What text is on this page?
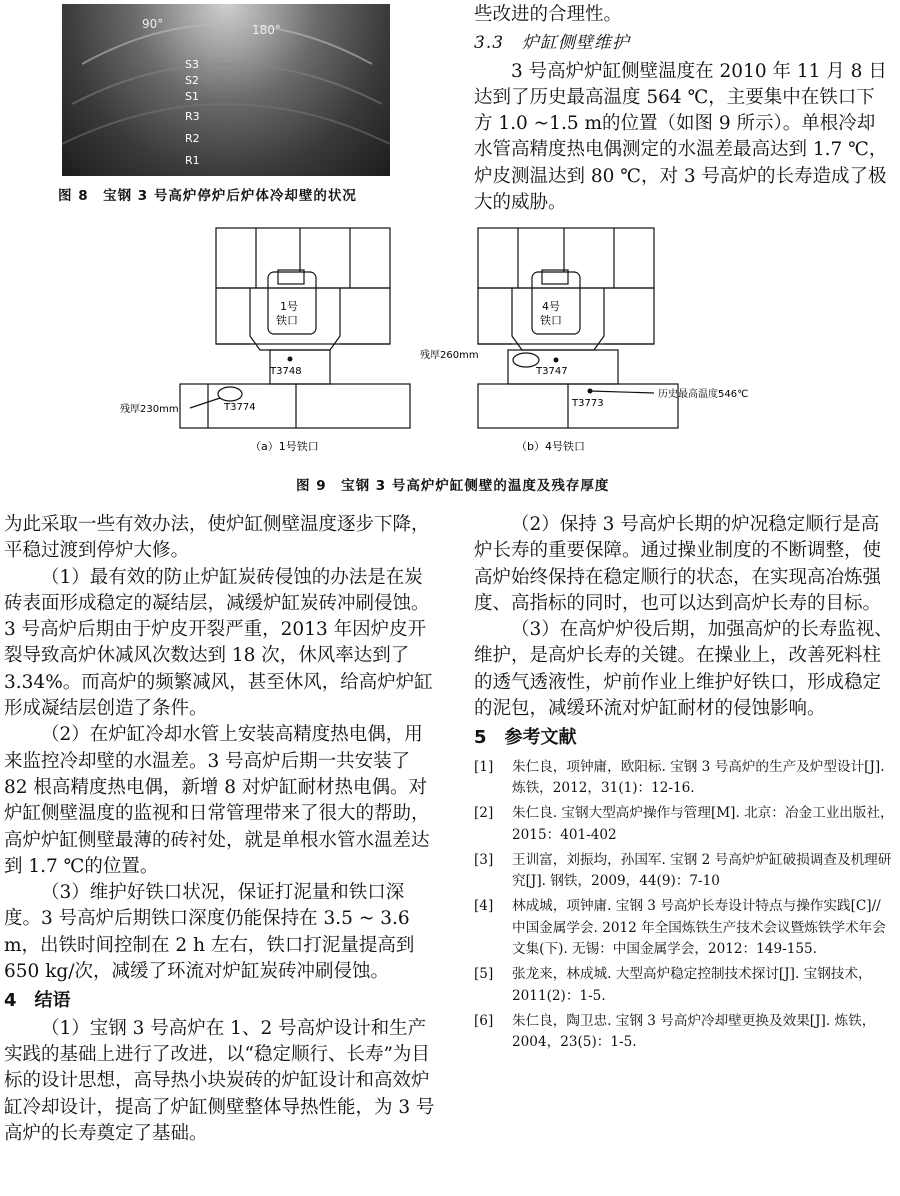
90°	180°
S3
S2
S1
R3
R2
R1
图 8　宝钢 3 号高炉停炉后炉体冷却壁的状况

些改进的合理性。

3.3　炉缸侧壁维护

3 号高炉炉缸侧壁温度在 2010 年 11 月 8 日达到了历史最高温度 564 ℃，主要集中在铁口下方 1.0 ~1.5 m的位置（如图 9 所示）。单根冷却水管高精度热电偶测定的水温差最高达到 1.7 ℃，炉皮测温达到 80 ℃，对 3 号高炉的长寿造成了极大的威胁。

1号
铁口
T3748
T3774
残厚230mm
（a）1号铁口
4号
铁口
T3747
T3773
残厚260mm
历史最高温度546℃
（b）4号铁口
图 9　宝钢 3 号高炉炉缸侧壁的温度及残存厚度

为此采取一些有效办法，使炉缸侧壁温度逐步下降，平稳过渡到停炉大修。

（1）最有效的防止炉缸炭砖侵蚀的办法是在炭砖表面形成稳定的凝结层，减缓炉缸炭砖冲刷侵蚀。3 号高炉后期由于炉皮开裂严重，2013 年因炉皮开裂导致高炉休减风次数达到 18 次，休风率达到了 3.34%。而高炉的频繁减风，甚至休风，给高炉炉缸形成凝结层创造了条件。

（2）在炉缸冷却水管上安装高精度热电偶，用来监控冷却壁的水温差。3 号高炉后期一共安装了 82 根高精度热电偶，新增 8 对炉缸耐材热电偶。对炉缸侧壁温度的监视和日常管理带来了很大的帮助，高炉炉缸侧壁最薄的砖衬处，就是单根水管水温差达到 1.7 ℃的位置。

（3）维护好铁口状况，保证打泥量和铁口深度。3 号高炉后期铁口深度仍能保持在 3.5 ~ 3.6 m，出铁时间控制在 2 h 左右，铁口打泥量提高到 650 kg/次，减缓了环流对炉缸炭砖冲刷侵蚀。

4　结语

（1）宝钢 3 号高炉在 1、2 号高炉设计和生产实践的基础上进行了改进，以“稳定顺行、长寿”为目标的设计思想，高导热小块炭砖的炉缸设计和高效炉缸冷却设计，提高了炉缸侧壁整体导热性能，为 3 号高炉的长寿奠定了基础。

（2）保持 3 号高炉长期的炉况稳定顺行是高炉长寿的重要保障。通过操业制度的不断调整，使高炉始终保持在稳定顺行的状态，在实现高冶炼强度、高指标的同时，也可以达到高炉长寿的目标。

（3）在高炉炉役后期，加强高炉的长寿监视、维护，是高炉长寿的关键。在操业上，改善死料柱的透气透液性，炉前作业上维护好铁口，形成稳定的泥包，减缓环流对炉缸耐材的侵蚀影响。

5　参考文献

[1]	朱仁良，项钟庸，欧阳标. 宝钢 3 号高炉的生产及炉型设计[J]. 炼铁，2012，31(1)：12-16.
[2]	朱仁良. 宝钢大型高炉操作与管理[M]. 北京：冶金工业出版社，2015：401-402
[3]	王训富，刘振均，孙国军. 宝钢 2 号高炉炉缸破损调查及机理研究[J]. 钢铁，2009，44(9)：7-10
[4]	林成城，项钟庸. 宝钢 3 号高炉长寿设计特点与操作实践[C]//中国金属学会. 2012 年全国炼铁生产技术会议暨炼铁学术年会文集(下). 无锡：中国金属学会，2012：149-155.
[5]	张龙来，林成城. 大型高炉稳定控制技术探讨[J]. 宝钢技术，2011(2)：1-5.
[6]	朱仁良，陶卫忠. 宝钢 3 号高炉冷却壁更换及效果[J]. 炼铁，2004，23(5)：1-5.
